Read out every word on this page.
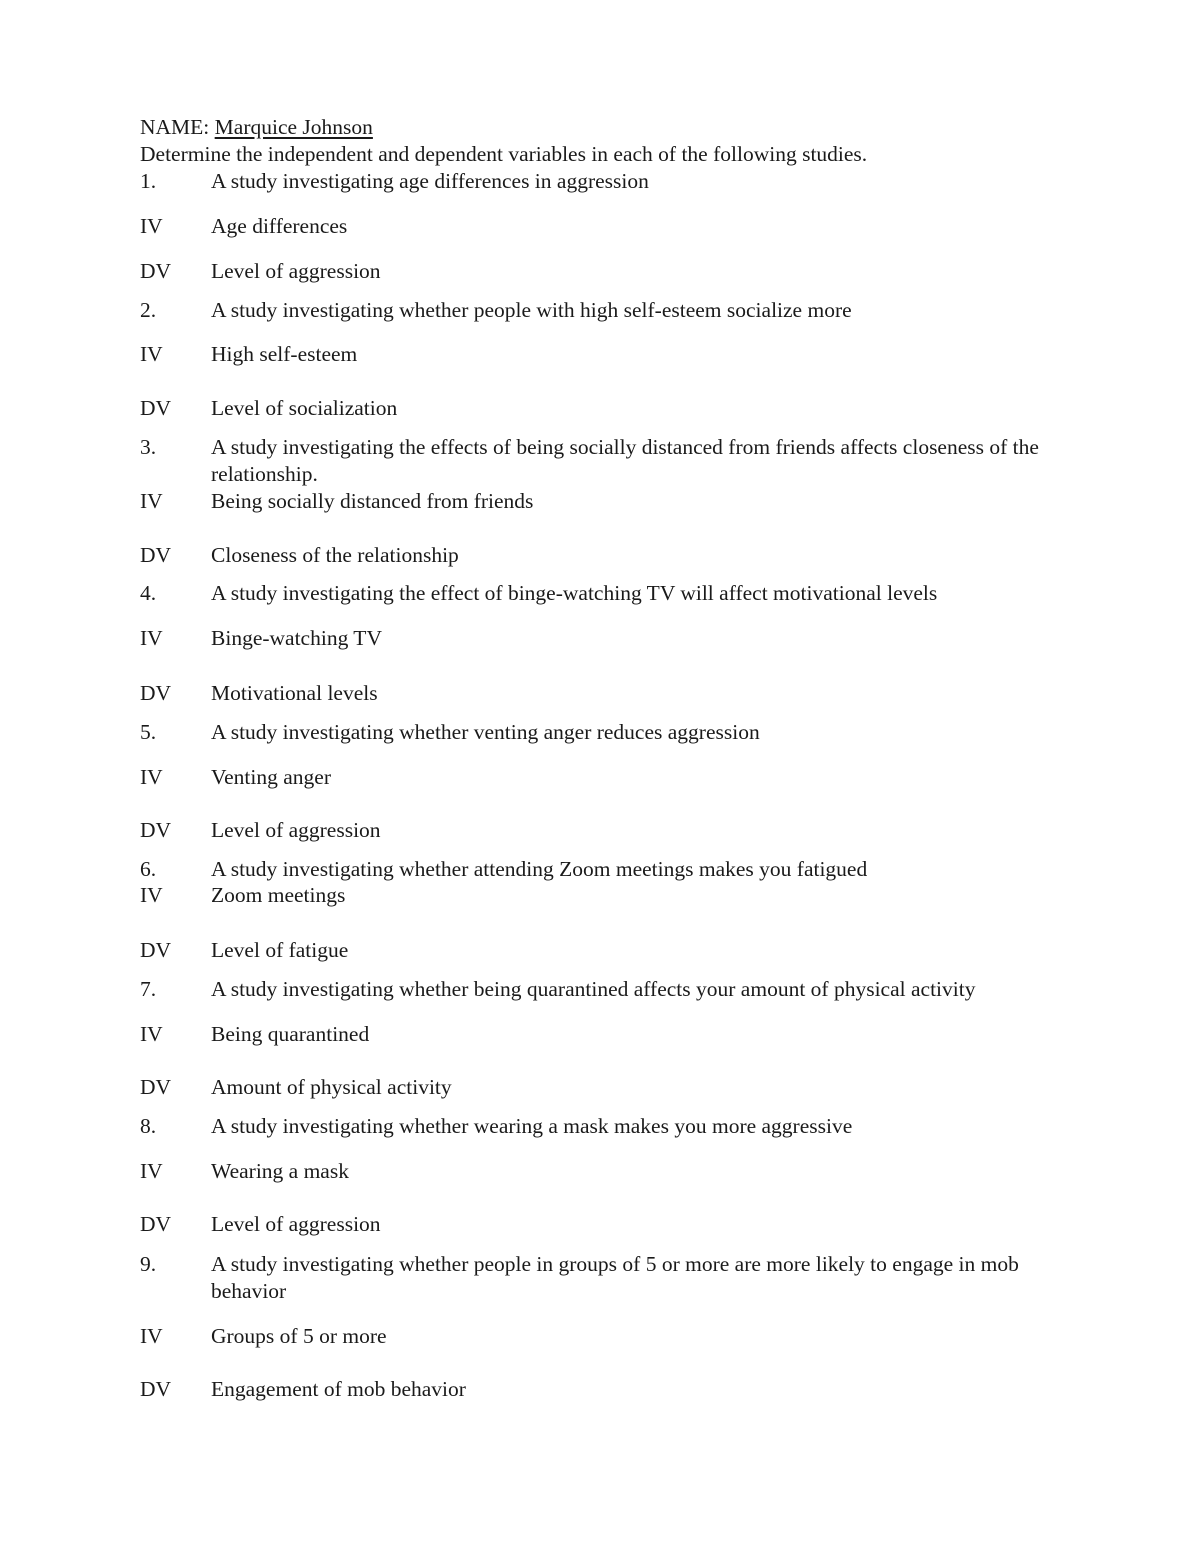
NAME: Marquice Johnson
Determine the independent and dependent variables in each of the following studies.
1.	A study investigating age differences in aggression
IV	Age differences
DV	Level of aggression
2.	A study investigating whether people with high self-esteem socialize more
IV	High self-esteem
DV	Level of socialization
3.	A study investigating the effects of being socially distanced from friends affects closeness of the relationship.
IV	Being socially distanced from friends
DV	Closeness of the relationship
4.	A study investigating the effect of binge-watching TV will affect motivational levels
IV	Binge-watching TV
DV	Motivational levels
5.	A study investigating whether venting anger reduces aggression
IV	Venting anger
DV	Level of aggression
6.	A study investigating whether attending Zoom meetings makes you fatigued
IV	Zoom meetings
DV	Level of fatigue
7.	A study investigating whether being quarantined affects your amount of physical activity
IV	Being quarantined
DV	Amount of physical activity
8.	A study investigating whether wearing a mask makes you more aggressive
IV	Wearing a mask
DV	Level of aggression
9.	A study investigating whether people in groups of 5 or more are more likely to engage in mob behavior
IV	Groups of 5 or more
DV	Engagement of mob behavior
